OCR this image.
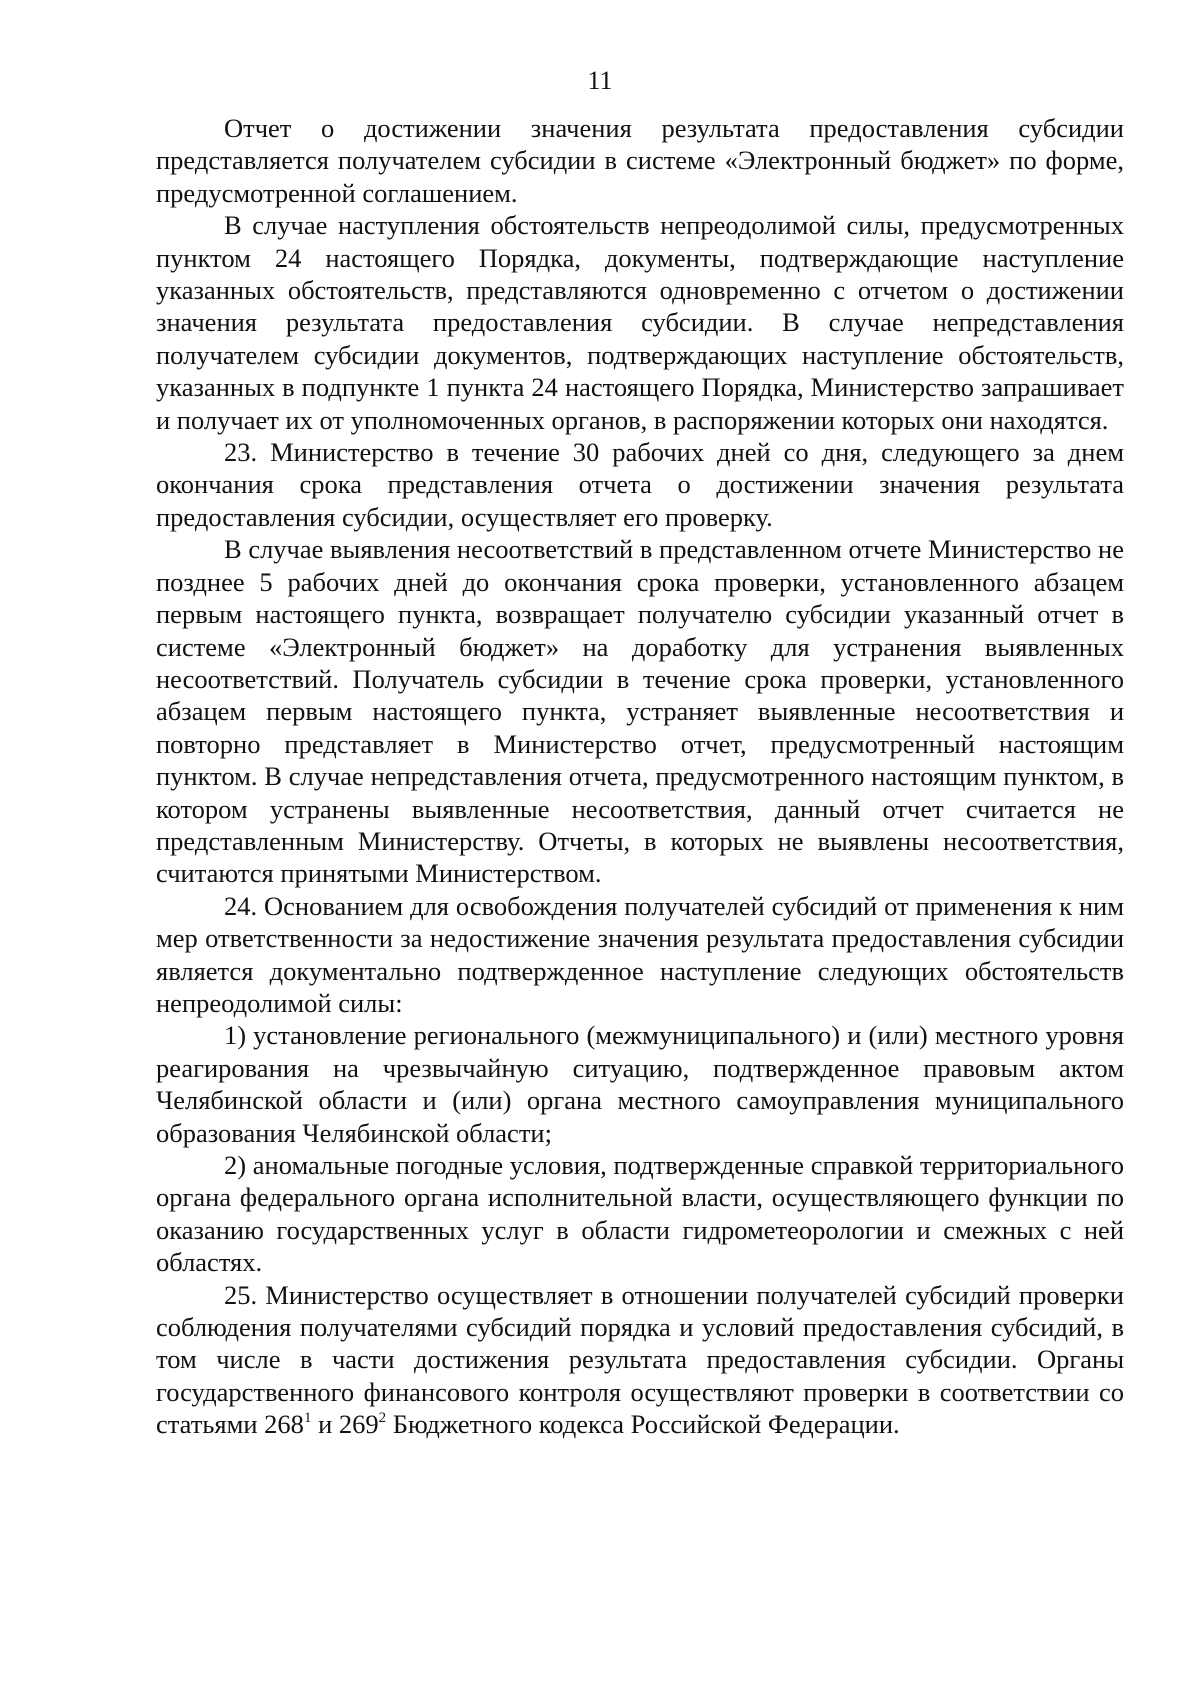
11

Отчет о достижении значения результата предоставления субсидии представляется получателем субсидии в системе «Электронный бюджет» по форме, предусмотренной соглашением.

В случае наступления обстоятельств непреодолимой силы, предусмотренных пунктом 24 настоящего Порядка, документы, подтверждающие наступление указанных обстоятельств, представляются одновременно с отчетом о достижении значения результата предоставления субсидии. В случае непредставления получателем субсидии документов, подтверждающих наступление обстоятельств, указанных в подпункте 1 пункта 24 настоящего Порядка, Министерство запрашивает и получает их от уполномоченных органов, в распоряжении которых они находятся.

23. Министерство в течение 30 рабочих дней со дня, следующего за днем окончания срока представления отчета о достижении значения результата предоставления субсидии, осуществляет его проверку.

В случае выявления несоответствий в представленном отчете Министерство не позднее 5 рабочих дней до окончания срока проверки, установленного абзацем первым настоящего пункта, возвращает получателю субсидии указанный отчет в системе «Электронный бюджет» на доработку для устранения выявленных несоответствий. Получатель субсидии в течение срока проверки, установленного абзацем первым настоящего пункта, устраняет выявленные несоответствия и повторно представляет в Министерство отчет, предусмотренный настоящим пунктом. В случае непредставления отчета, предусмотренного настоящим пунктом, в котором устранены выявленные несоответствия, данный отчет считается не представленным Министерству. Отчеты, в которых не выявлены несоответствия, считаются принятыми Министерством.

24. Основанием для освобождения получателей субсидий от применения к ним мер ответственности за недостижение значения результата предоставления субсидии является документально подтвержденное наступление следующих обстоятельств непреодолимой силы:

1) установление регионального (межмуниципального) и (или) местного уровня реагирования на чрезвычайную ситуацию, подтвержденное правовым актом Челябинской области и (или) органа местного самоуправления муниципального образования Челябинской области;

2) аномальные погодные условия, подтвержденные справкой территориального органа федерального органа исполнительной власти, осуществляющего функции по оказанию государственных услуг в области гидрометеорологии и смежных с ней областях.

25. Министерство осуществляет в отношении получателей субсидий проверки соблюдения получателями субсидий порядка и условий предоставления субсидий, в том числе в части достижения результата предоставления субсидии. Органы государственного финансового контроля осуществляют проверки в соответствии со статьями $268^1$ и $269^2$ Бюджетного кодекса Российской Федерации.
